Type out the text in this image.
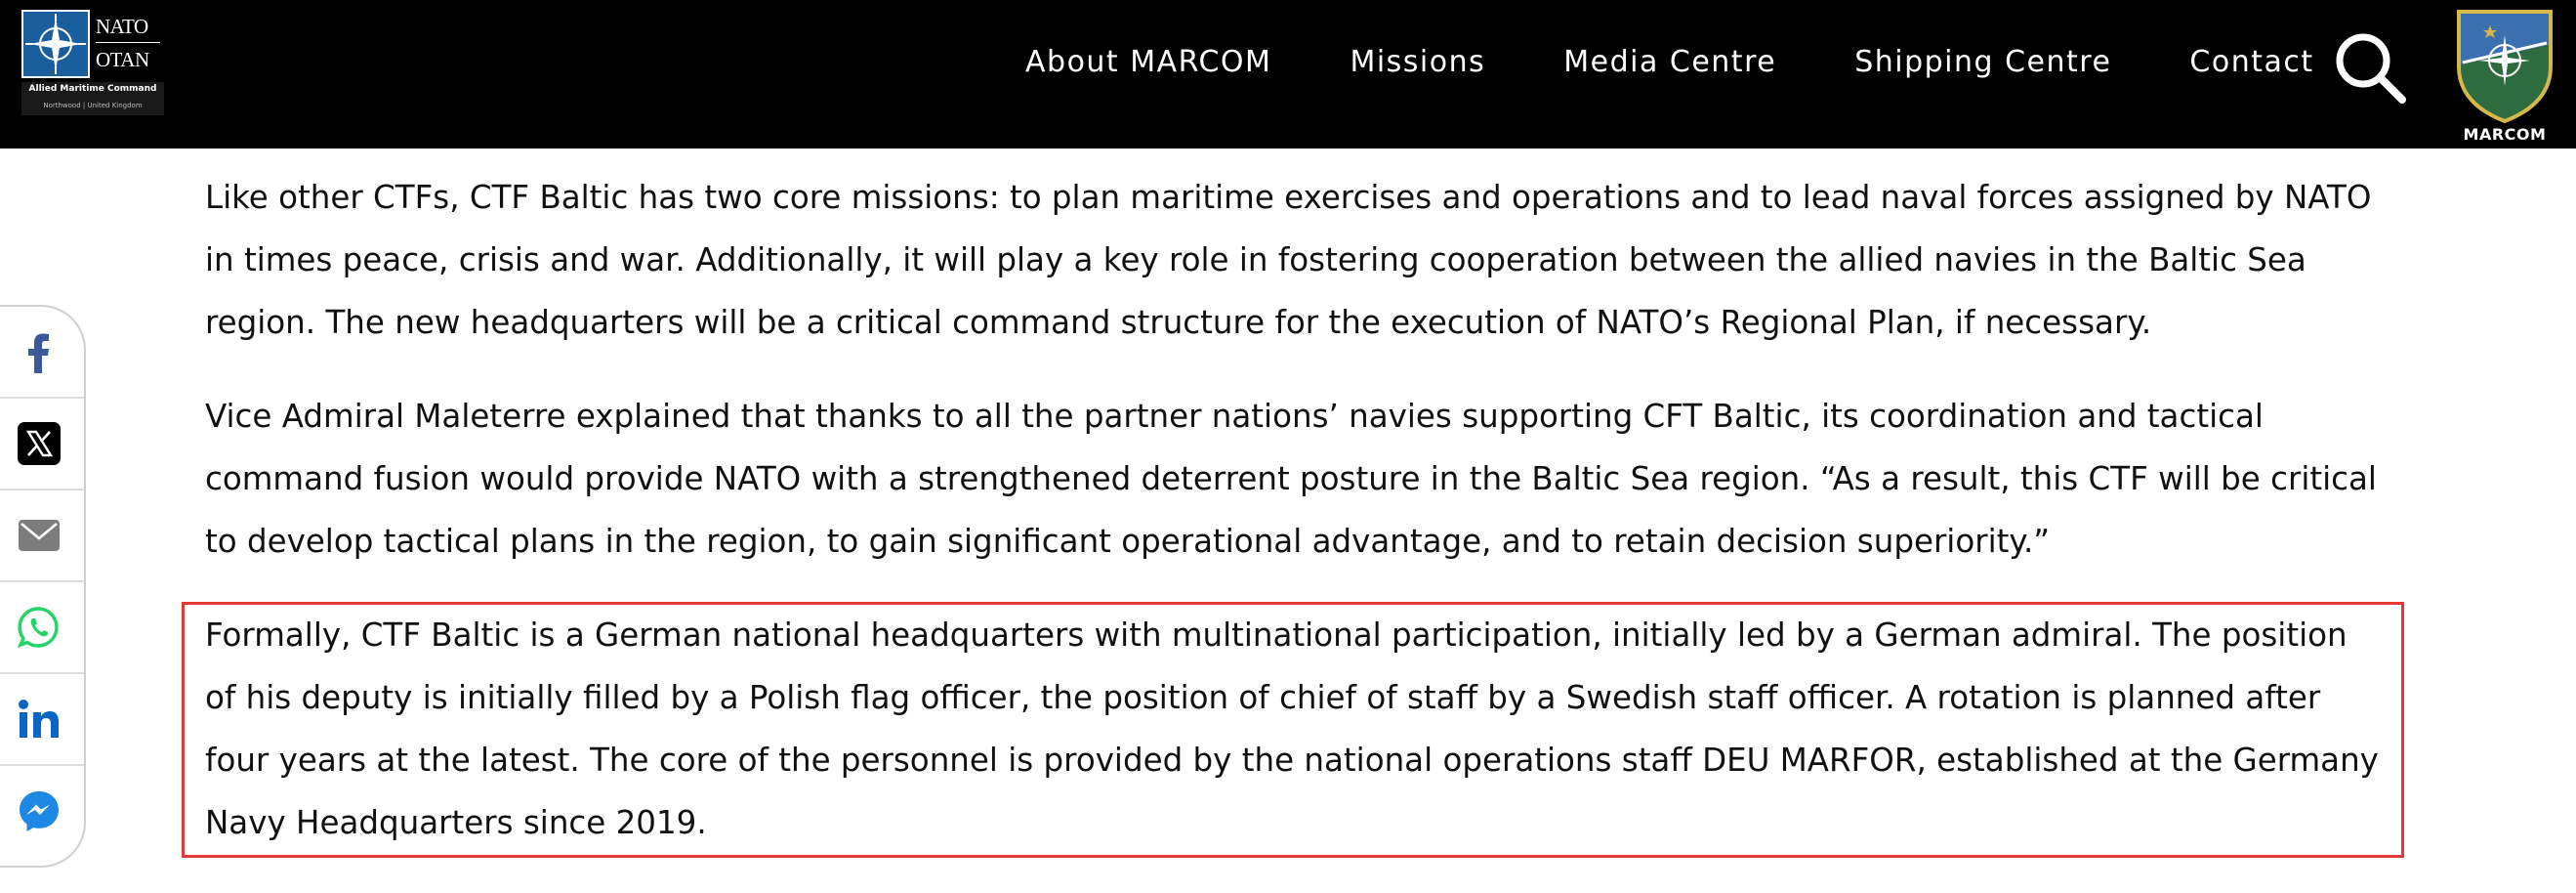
NATO
OTAN
Allied Maritime Command
Northwood | United Kingdom
About MARCOM	Missions	Media Centre	Shipping Centre	Contact
MARCOM

Like other CTFs, CTF Baltic has two core missions: to plan maritime exercises and operations and to lead naval forces assigned by NATO in times peace, crisis and war. Additionally, it will play a key role in fostering cooperation between the allied navies in the Baltic Sea region. The new headquarters will be a critical command structure for the execution of NATO’s Regional Plan, if necessary.

Vice Admiral Maleterre explained that thanks to all the partner nations’ navies supporting CFT Baltic, its coordination and tactical command fusion would provide NATO with a strengthened deterrent posture in the Baltic Sea region. “As a result, this CTF will be critical to develop tactical plans in the region, to gain significant operational advantage, and to retain decision superiority.”

Formally, CTF Baltic is a German national headquarters with multinational participation, initially led by a German admiral. The position of his deputy is initially filled by a Polish flag officer, the position of chief of staff by a Swedish staff officer. A rotation is planned after four years at the latest. The core of the personnel is provided by the national operations staff DEU MARFOR, established at the Germany Navy Headquarters since 2019.
